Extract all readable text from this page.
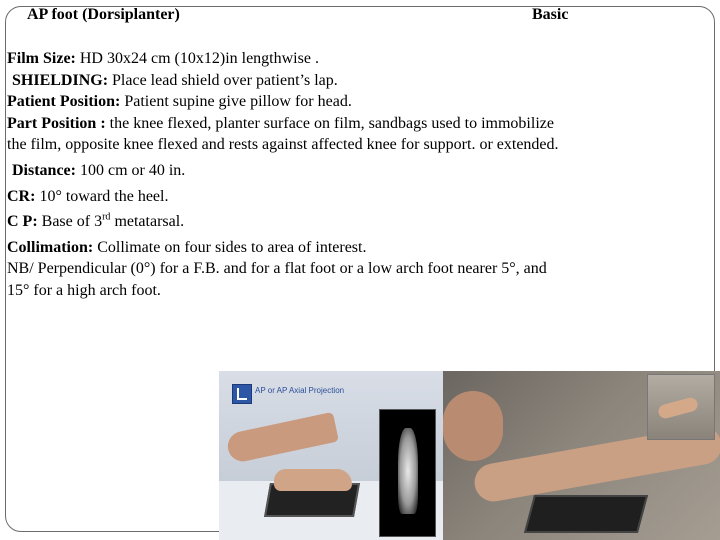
AP foot (Dorsiplanter)	Basic

Film Size: HD 30x24 cm (10x12)in lengthwise .

SHIELDING: Place lead shield over patient’s lap.

Patient Position: Patient supine give pillow for head.

Part Position : the knee flexed, planter surface on film, sandbags used to immobilize the film, opposite knee flexed and rests against affected knee for support. or extended.

Distance: 100 cm or 40 in.

CR: 10° toward the heel.

C P: Base of 3rd metatarsal.

Collimation: Collimate on four sides to area of interest.

NB/ Perpendicular (0°) for a F.B. and for a flat foot or a low arch foot nearer 5°, and 15° for a high arch foot.

AP or AP Axial Projection
